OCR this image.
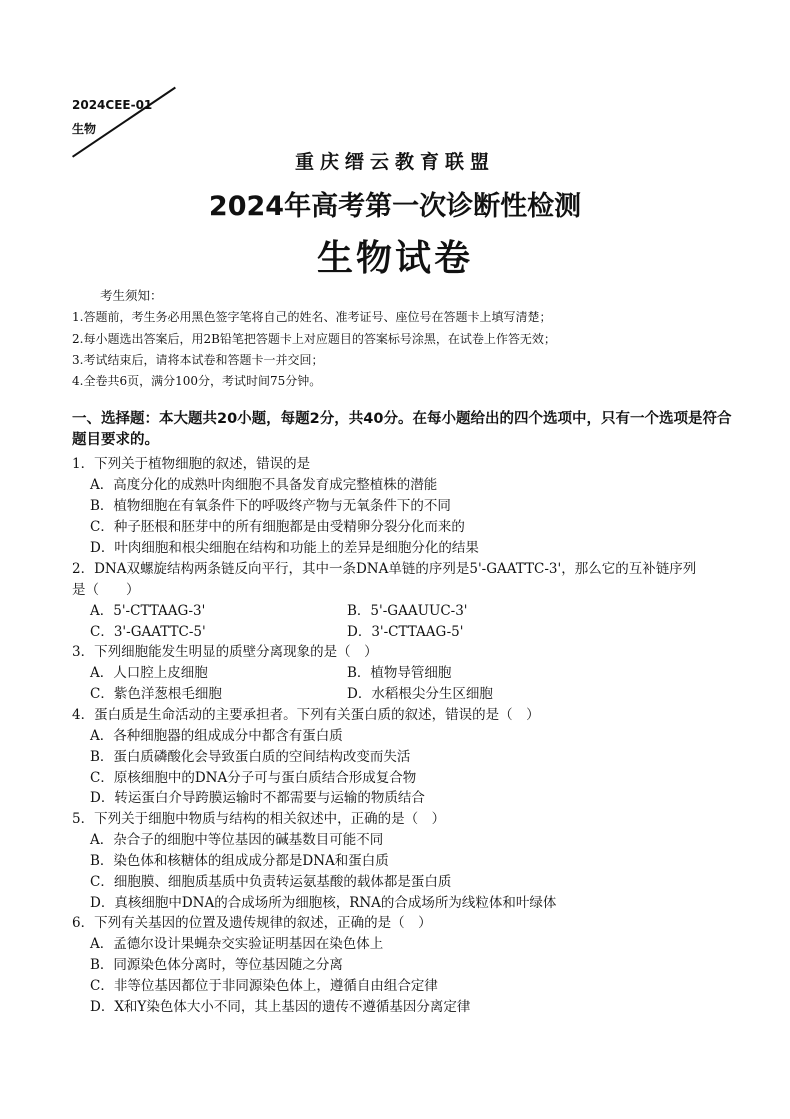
2024CEE-01
生物
重庆缙云教育联盟
2024年高考第一次诊断性检测
生物试卷
考生须知：
1.答题前，考生务必用黑色签字笔将自己的姓名、准考证号、座位号在答题卡上填写清楚；
2.每小题选出答案后，用2B铅笔把答题卡上对应题目的答案标号涂黑，在试卷上作答无效；
3.考试结束后，请将本试卷和答题卡一并交回；
4.全卷共6页，满分100分，考试时间75分钟。
一、选择题：本大题共20小题，每题2分，共40分。在每小题给出的四个选项中，只有一个选项是符合题目要求的。
1．下列关于植物细胞的叙述，错误的是
A．高度分化的成熟叶肉细胞不具备发育成完整植株的潜能
B．植物细胞在有氧条件下的呼吸终产物与无氧条件下的不同
C．种子胚根和胚芽中的所有细胞都是由受精卵分裂分化而来的
D．叶肉细胞和根尖细胞在结构和功能上的差异是细胞分化的结果
2．DNA双螺旋结构两条链反向平行，其中一条DNA单链的序列是5'-GAATTC-3'，那么它的互补链序列
是（　　）
A．5'-CTTAAG-3'	B．5'-GAAUUC-3'
C．3'-GAATTC-5'	D．3'-CTTAAG-5'
3．下列细胞能发生明显的质壁分离现象的是（　）
A．人口腔上皮细胞	B．植物导管细胞
C．紫色洋葱根毛细胞	D．水稻根尖分生区细胞
4．蛋白质是生命活动的主要承担者。下列有关蛋白质的叙述，错误的是（　）
A．各种细胞器的组成成分中都含有蛋白质
B．蛋白质磷酸化会导致蛋白质的空间结构改变而失活
C．原核细胞中的DNA分子可与蛋白质结合形成复合物
D．转运蛋白介导跨膜运输时不都需要与运输的物质结合
5．下列关于细胞中物质与结构的相关叙述中，正确的是（　）
A．杂合子的细胞中等位基因的碱基数目可能不同
B．染色体和核糖体的组成成分都是DNA和蛋白质
C．细胞膜、细胞质基质中负责转运氨基酸的载体都是蛋白质
D．真核细胞中DNA的合成场所为细胞核，RNA的合成场所为线粒体和叶绿体
6．下列有关基因的位置及遗传规律的叙述，正确的是（　）
A．孟德尔设计果蝇杂交实验证明基因在染色体上
B．同源染色体分离时，等位基因随之分离
C．非等位基因都位于非同源染色体上，遵循自由组合定律
D．X和Y染色体大小不同，其上基因的遗传不遵循基因分离定律
